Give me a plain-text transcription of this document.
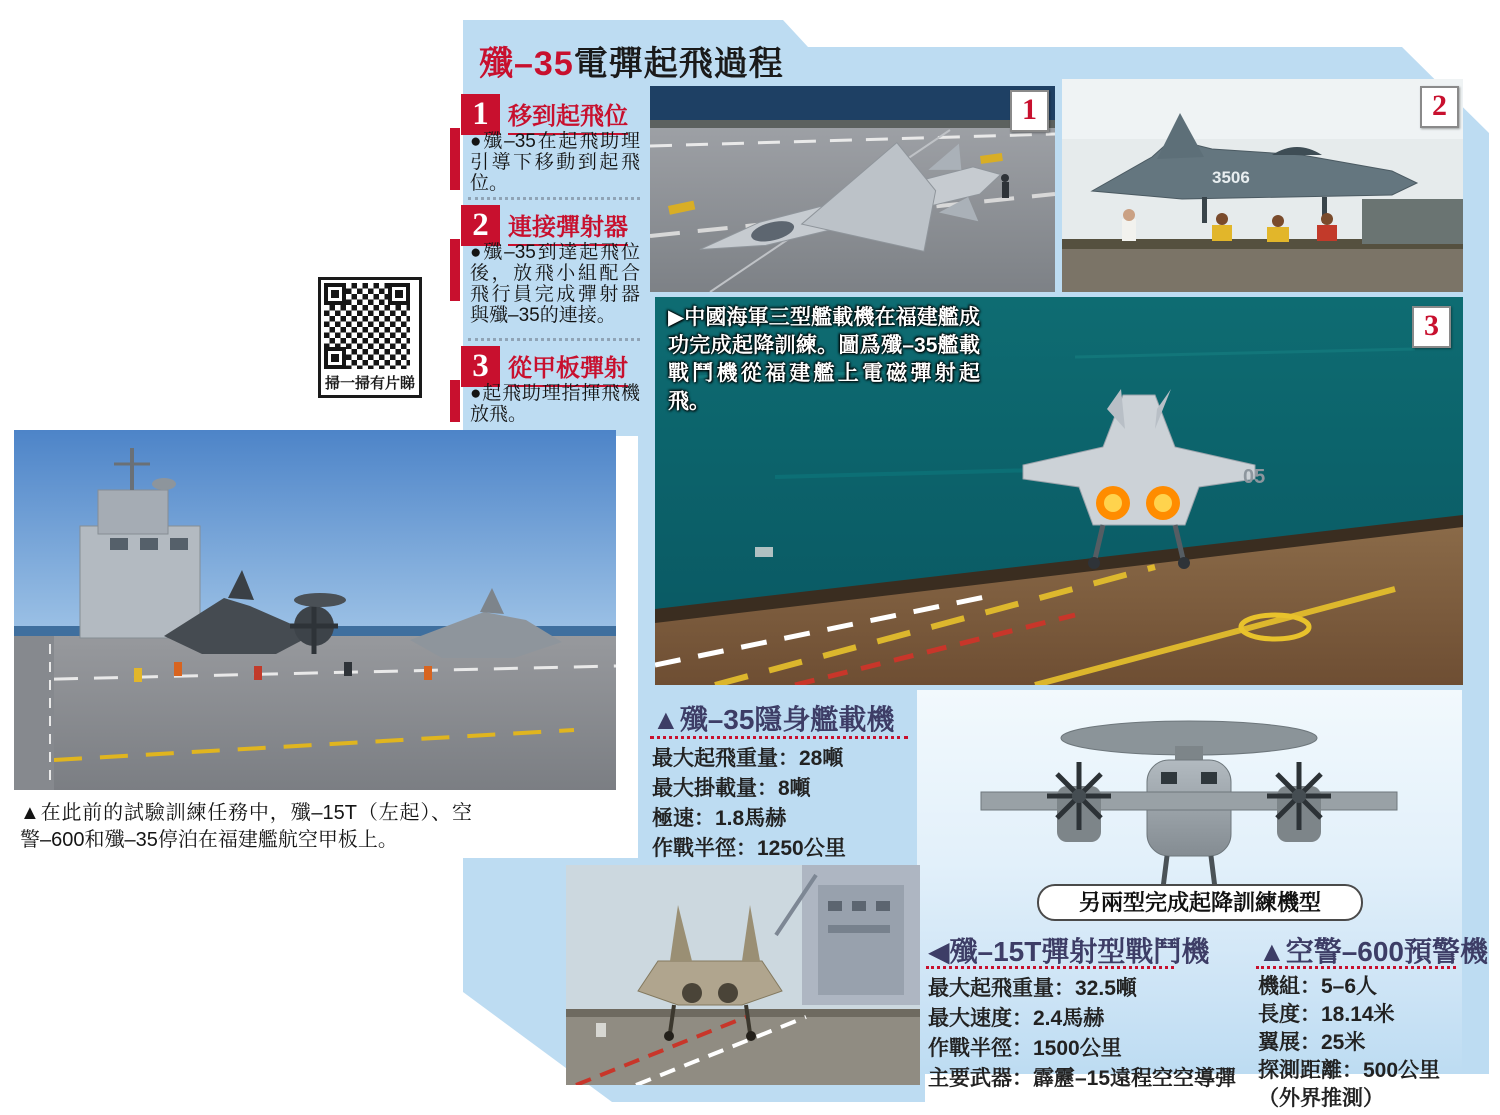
殲–35電彈起飛過程
1 移到起飛位
●殲–35在起飛助理引導下移動到起飛位。
2 連接彈射器
●殲–35到達起飛位後，放飛小組配合飛行員完成彈射器與殲–35的連接。
3 從甲板彈射
●起飛助理指揮飛機放飛。
1
3506
2
05
3
▶中國海軍三型艦載機在福建艦成功完成起降訓練。圖爲殲–35艦載戰鬥機從福建艦上電磁彈射起飛。
▲殲–35隱身艦載機
最大起飛重量：28噸
最大掛載量：8噸
極速：1.8馬赫
作戰半徑：1250公里
另兩型完成起降訓練機型
◀殲–15T彈射型戰鬥機
最大起飛重量：32.5噸
最大速度：2.4馬赫
作戰半徑：1500公里
主要武器：霹靂–15遠程空空導彈
▲空警–600預警機
機組：5–6人
長度：18.14米
翼展：25米
探測距離：500公里
（外界推測）
掃一掃有片睇
▲在此前的試驗訓練任務中，殲–15T（左起）、空警–600和殲–35停泊在福建艦航空甲板上。
